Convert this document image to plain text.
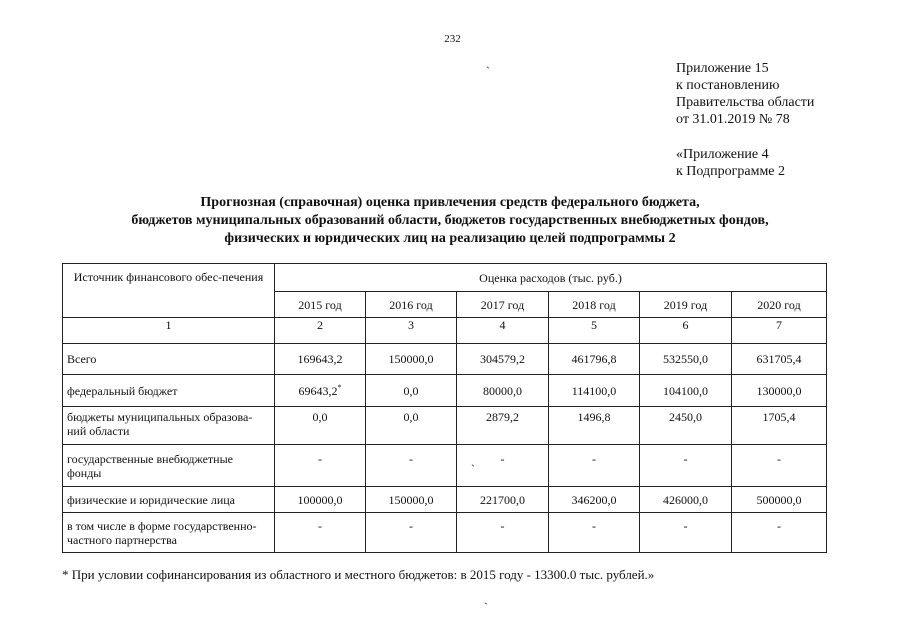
232
Приложение 15
к постановлению
Правительства области
от 31.01.2019 № 78
«Приложение 4
к Подпрограмме 2
Прогнозная (справочная) оценка привлечения средств федерального бюджета,
бюджетов муниципальных образований области, бюджетов государственных внебюджетных фондов,
физических и юридических лиц на реализацию целей подпрограммы 2
Источник финансового обес-печения	Оценка расходов (тыс. руб.)					
	2015 год	2016 год	2017 год	2018 год	2019 год	2020 год
1	2	3	4	5	6	7
Всего	169643,2	150000,0	304579,2	461796,8	532550,0	631705,4
федеральный бюджет	69643,2*	0,0	80000,0	114100,0	104100,0	130000,0
бюджеты муниципальных образова-ний области	0,0	0,0	2879,2	1496,8	2450,0	1705,4
государственные внебюджетные фонды	-	-	-	-	-	-
физические и юридические лица	100000,0	150000,0	221700,0	346200,0	426000,0	500000,0
в том числе в форме государственно-частного партнерства	-	-	-	-	-	-
* При условии софинансирования из областного и местного бюджетов: в 2015 году - 13300.0 тыс. рублей.»
`
`
`
